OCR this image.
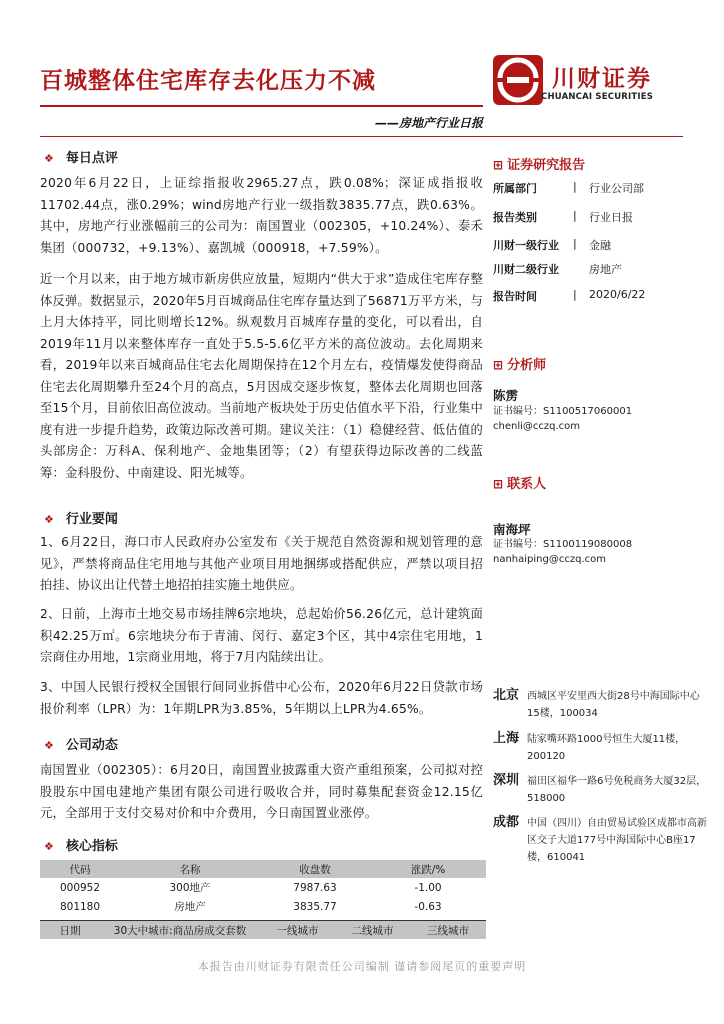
百城整体住宅库存去化压力不减	川财证券
CHUANCAI SECURITIES
——房地产行业日报
❖ 每日点评
2020年6月22日，上证综指报收2965.27点，跌0.08%；深证成指报收11702.44点，涨0.29%；wind房地产行业一级指数3835.77点，跌0.63%。其中，房地产行业涨幅前三的公司为：南国置业（002305，+10.24%）、泰禾集团（000732，+9.13%）、嘉凯城（000918，+7.59%）。
近一个月以来，由于地方城市新房供应放量，短期内“供大于求”造成住宅库存整体反弹。数据显示，2020年5月百城商品住宅库存量达到了56871万平方米，与上月大体持平，同比则增长12%。纵观数月百城库存量的变化，可以看出，自2019年11月以来整体库存一直处于5.5-5.6亿平方米的高位波动。去化周期来看，2019年以来百城商品住宅去化周期保持在12个月左右，疫情爆发使得商品住宅去化周期攀升至24个月的高点，5月因成交逐步恢复，整体去化周期也回落至15个月，目前依旧高位波动。当前地产板块处于历史估值水平下沿，行业集中度有进一步提升趋势，政策边际改善可期。建议关注：（1）稳健经营、低估值的头部房企：万科A、保利地产、金地集团等；（2）有望获得边际改善的二线蓝筹：金科股份、中南建设、阳光城等。
❖ 行业要闻
1、6月22日，海口市人民政府办公室发布《关于规范自然资源和规划管理的意见》，严禁将商品住宅用地与其他产业项目用地捆绑或搭配供应，严禁以项目招拍挂、协议出让代替土地招拍挂实施土地供应。
2、日前，上海市土地交易市场挂牌6宗地块，总起始价56.26亿元，总计建筑面积42.25万㎡。6宗地块分布于青浦、闵行、嘉定3个区，其中4宗住宅用地，1宗商住办用地，1宗商业用地，将于7月内陆续出让。
3、中国人民银行授权全国银行间同业拆借中心公布，2020年6月22日贷款市场报价利率（LPR）为：1年期LPR为3.85%，5年期以上LPR为4.65%。
❖ 公司动态
南国置业（002305）：6月20日，南国置业披露重大资产重组预案，公司拟对控股股东中国电建地产集团有限公司进行吸收合并，同时募集配套资金12.15亿元，全部用于支付交易对价和中介费用，今日南国置业涨停。
❖ 核心指标
代码	名称	收盘数	涨跌/%
000952	300地产	7987.63	-1.00
801180	房地产	3835.77	-0.63
日期	30大中城市:商品房成交套数	一线城市	二线城市	三线城市
⊞ 证券研究报告
所属部门	| 行业公司部
报告类别	| 行业日报
川财一级行业 | 金融
川财二级行业	房地产
报告时间	| 2020/6/22
⊞ 分析师
陈雳
证书编号：S1100517060001
chenli@cczq.com
⊞ 联系人
南海坪
证书编号：S1100119080008
nanhaiping@cczq.com
北京 西城区平安里西大街28号中海国际中心15楼，100034
上海 陆家嘴环路1000号恒生大厦11楼，200120
深圳 福田区福华一路6号免税商务大厦32层，518000
成都 中国（四川）自由贸易试验区成都市高新区交子大道177号中海国际中心B座17楼，610041
本报告由川财证券有限责任公司编制 谨请参阅尾页的重要声明
